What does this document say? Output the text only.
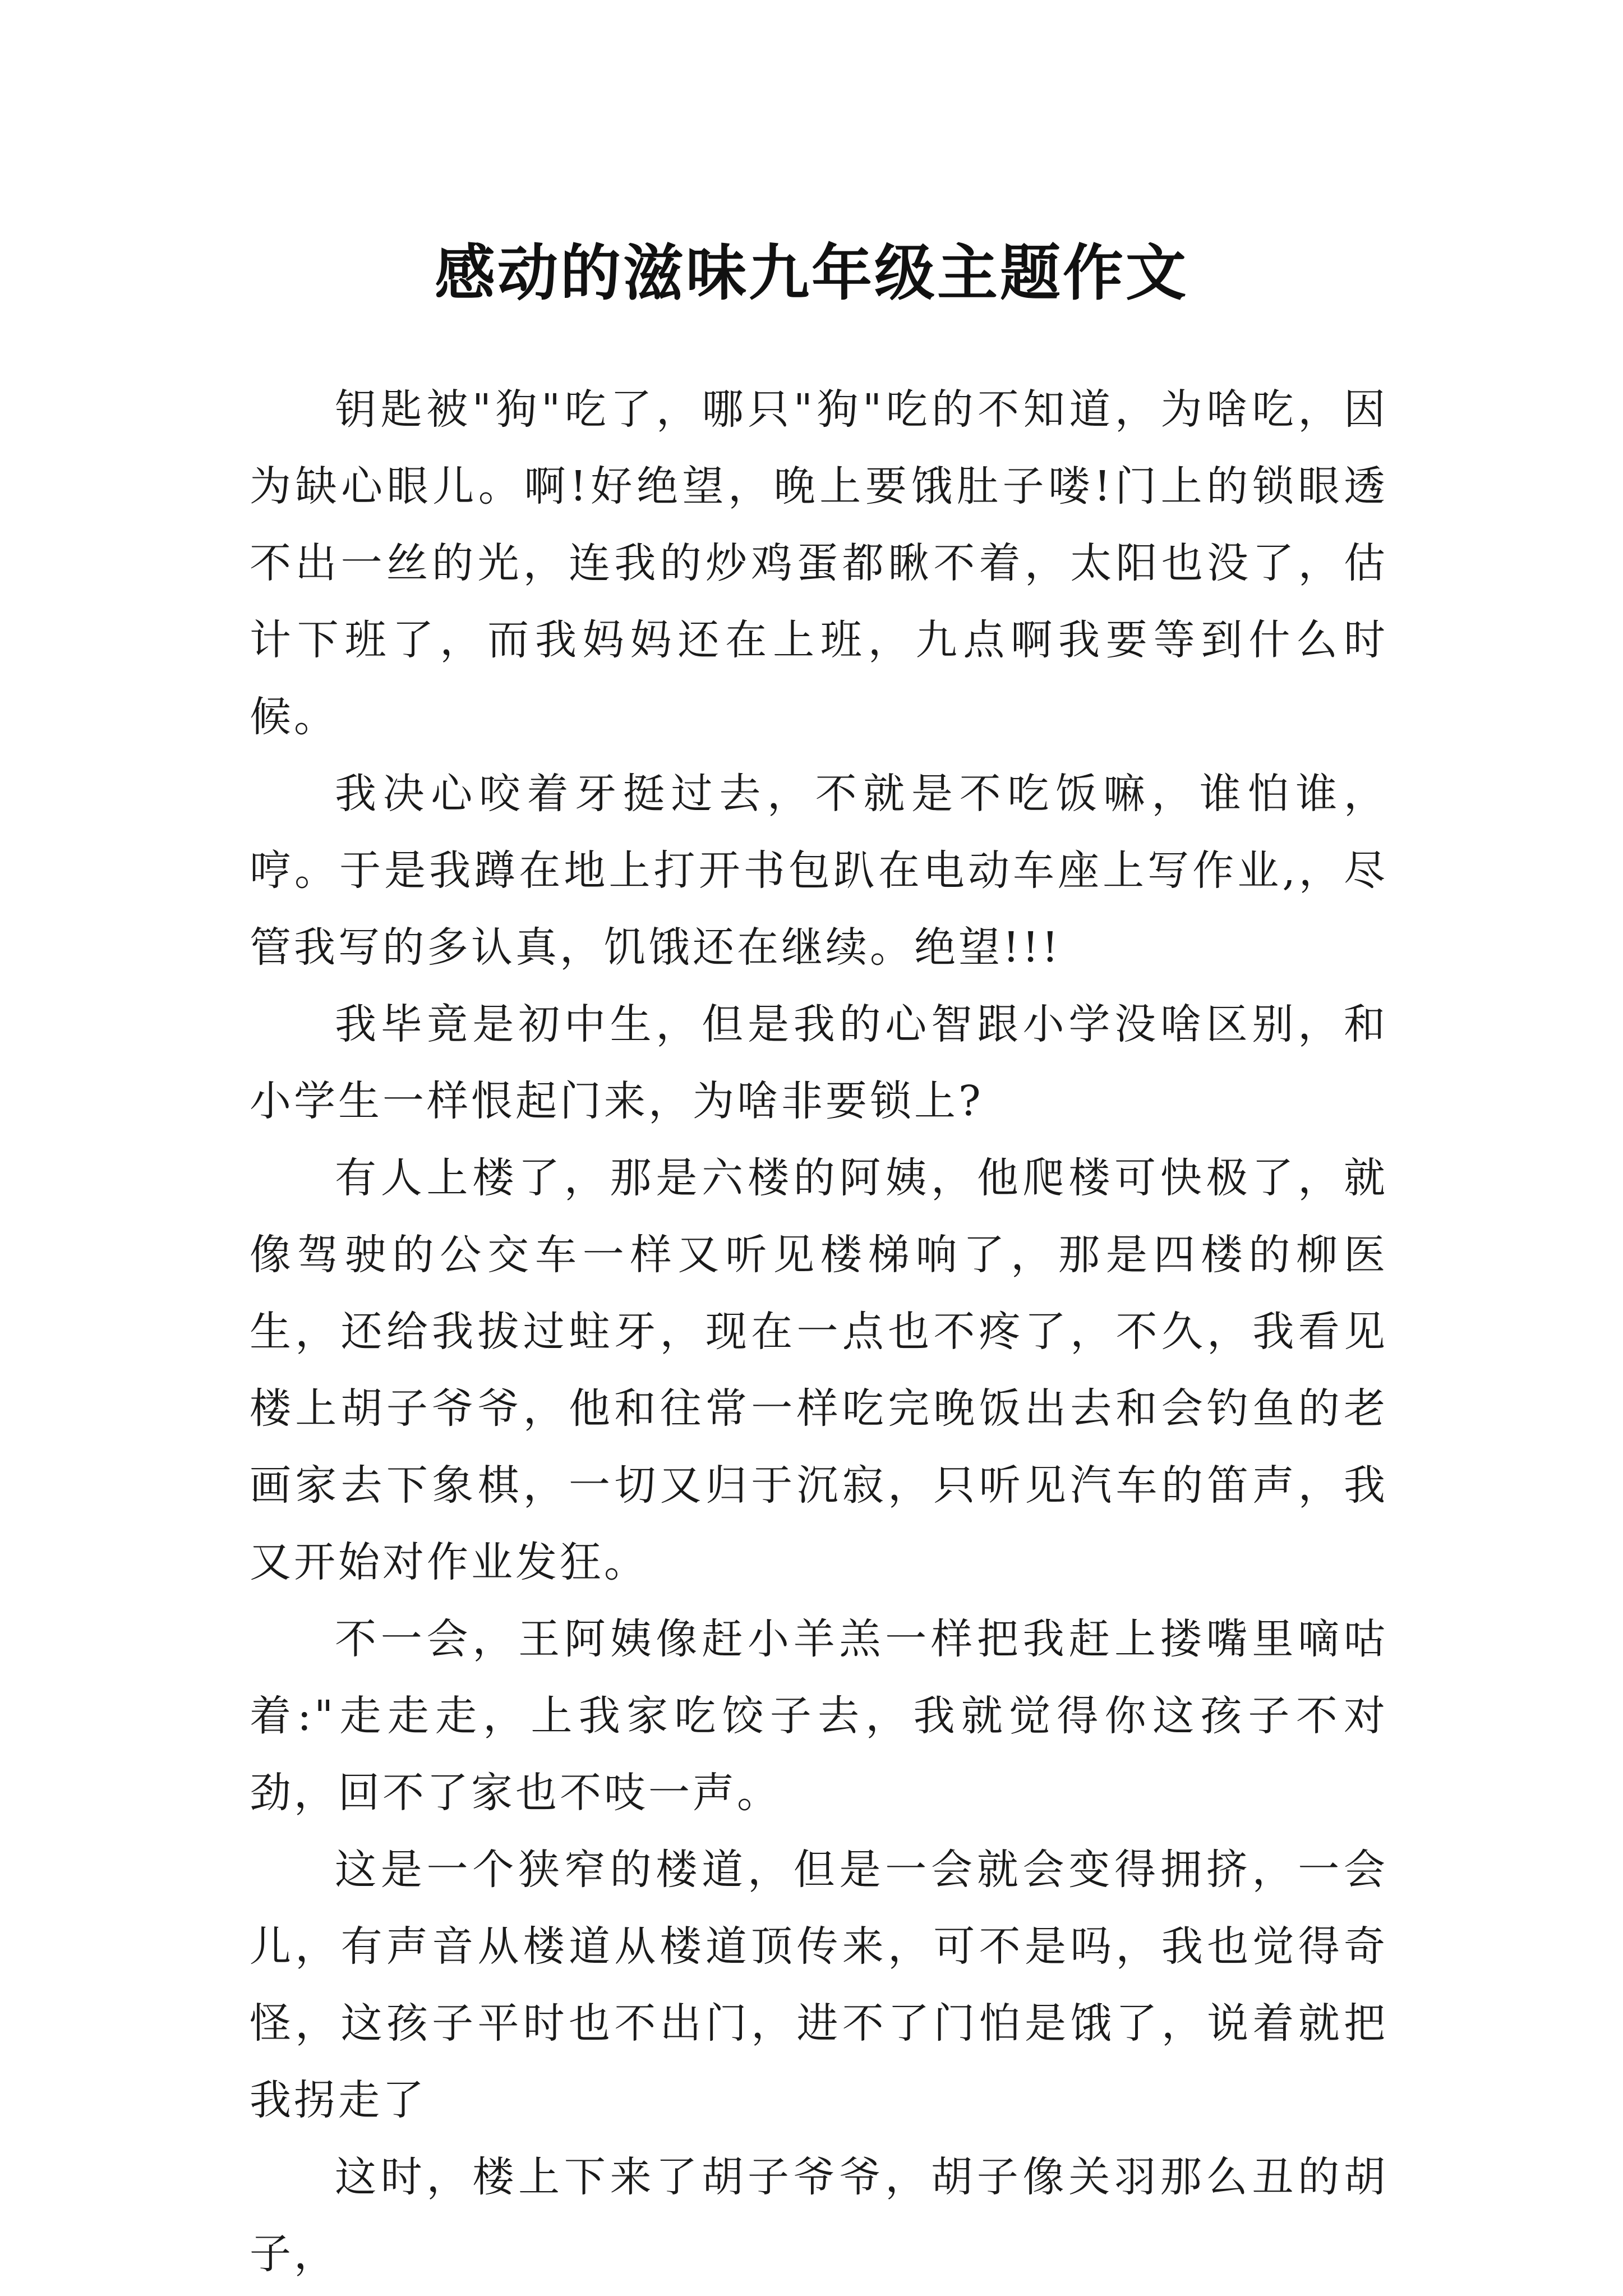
感动的滋味九年级主题作文

钥匙被"狗"吃了，哪只"狗"吃的不知道，为啥吃，因为缺心眼儿。啊!好绝望，晚上要饿肚子喽!门上的锁眼透不出一丝的光，连我的炒鸡蛋都瞅不着，太阳也没了，估计下班了，而我妈妈还在上班，九点啊我要等到什么时候。

我决心咬着牙挺过去，不就是不吃饭嘛，谁怕谁，哼。于是我蹲在地上打开书包趴在电动车座上写作业,，尽管我写的多认真，饥饿还在继续。绝望!!!

我毕竟是初中生，但是我的心智跟小学没啥区别，和小学生一样恨起门来，为啥非要锁上?

有人上楼了，那是六楼的阿姨，他爬楼可快极了，就像驾驶的公交车一样又听见楼梯响了，那是四楼的柳医生，还给我拔过蛀牙，现在一点也不疼了，不久，我看见楼上胡子爷爷，他和往常一样吃完晚饭出去和会钓鱼的老画家去下象棋，一切又归于沉寂，只听见汽车的笛声，我又开始对作业发狂。

不一会，王阿姨像赶小羊羔一样把我赶上搂嘴里嘀咕着:"走走走，上我家吃饺子去，我就觉得你这孩子不对劲，回不了家也不吱一声。

这是一个狭窄的楼道，但是一会就会变得拥挤，一会儿，有声音从楼道从楼道顶传来，可不是吗，我也觉得奇怪，这孩子平时也不出门，进不了门怕是饿了，说着就把我拐走了

这时，楼上下来了胡子爷爷，胡子像关羽那么丑的胡子，
